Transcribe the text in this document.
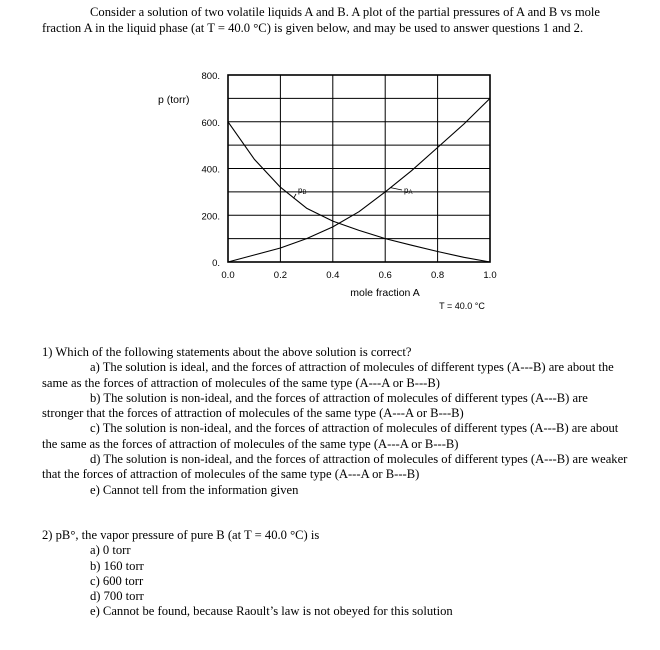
Consider a solution of two volatile liquids A and B. A plot of the partial pressures of A and B vs mole fraction A in the liquid phase (at T = 40.0 °C) is given below, and may be used to answer questions 1 and 2.

0.
200.
400.
600.
800.
0.0	0.2	0.4	0.6	0.8	1.0
p (torr)
mole fraction A
T = 40.0 °C
pB	pA

1) Which of the following statements about the above solution is correct?

a) The solution is ideal, and the forces of attraction of molecules of different types (A---B) are about the same as the forces of attraction of molecules of the same type (A---A or B---B)

b) The solution is non-ideal, and the forces of attraction of molecules of different types (A---B) are stronger that the forces of attraction of molecules of the same type (A---A or B---B)

c) The solution is non-ideal, and the forces of attraction of molecules of different types (A---B) are about the same as the forces of attraction of molecules of the same type (A---A or B---B)

d) The solution is non-ideal, and the forces of attraction of molecules of different types (A---B) are weaker that the forces of attraction of molecules of the same type (A---A or B---B)

e) Cannot tell from the information given

2) pB°, the vapor pressure of pure B (at T = 40.0 °C) is

a) 0 torr

b) 160 torr

c) 600 torr

d) 700 torr

e) Cannot be found, because Raoult’s law is not obeyed for this solution
